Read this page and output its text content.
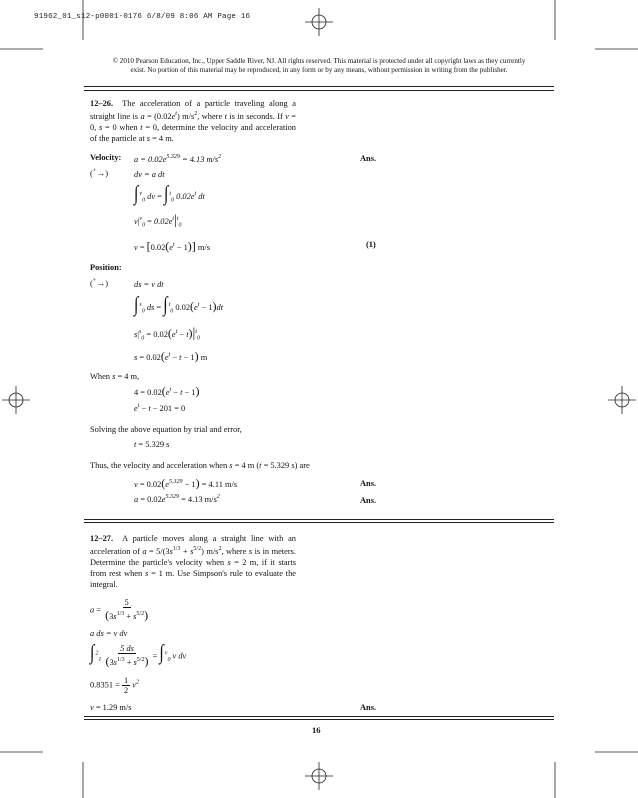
91962_01_s12-p0001-0176 6/8/09 8:06 AM Page 16
© 2010 Pearson Education, Inc., Upper Saddle River, NJ. All rights reserved. This material is protected under all copyright laws as they currently
exist. No portion of this material may be reproduced, in any form or by any means, without permission in writing from the publisher.
12–26.  The acceleration of a particle traveling along a straight line is $a = (0.02e^t)$ $m/s^2$, where t is in seconds. If v = 0, s = 0 when t = 0, determine the velocity and acceleration of the particle at s = 4 m.
Velocity: $a = 0.02e^{5.329} = 4.13$ $m/s^2$	Ans.
(+→)	dv = a dt
∫$^v_0$ dv = ∫$^t_0$ $0.02e^t$ dt
$v|^v_0 = 0.02e^t|^t_0$
$v = [0.02(e^t - 1)]$ m/s	(1)
Position:
(+→)	ds = v dt
∫$^s_0$ ds = ∫$^t_0$ $0.02(e^t - 1)dt$
$s|^s_0 = 0.02(e^t - t)|^t_0$
$s = 0.02(e^t - t - 1)$ m
When s = 4 m,
$4 = 0.02(e^t - t - 1)$
$e^t - t - 201 = 0$
Solving the above equation by trial and error,
t = 5.329 s
Thus, the velocity and acceleration when s = 4 m (t = 5.329 s) are
$v = 0.02(e^{5.329} - 1) = 4.11$ m/s	Ans.
$a = 0.02e^{5.329} = 4.13$ $m/s^2$	Ans.
12–27.  A particle moves along a straight line with an acceleration of $a = 5/(3s^{1/3} + s^{5/2})$ $m/s^2$, where s is in meters. Determine the particle's velocity when s = 2 m, if it starts from rest when s = 1 m. Use Simpson's rule to evaluate the integral.
$a = \frac{5}{(3s^{1/3} + s^{5/2})}$
a ds = v dv
$\int^2_1 \frac{5 ds}{(3s^{1/3} + s^{5/2})} = \int^v_0$ v dv
$0.8351 = \frac{1}{2} v^2$
v = 1.29 m/s	Ans.
16
